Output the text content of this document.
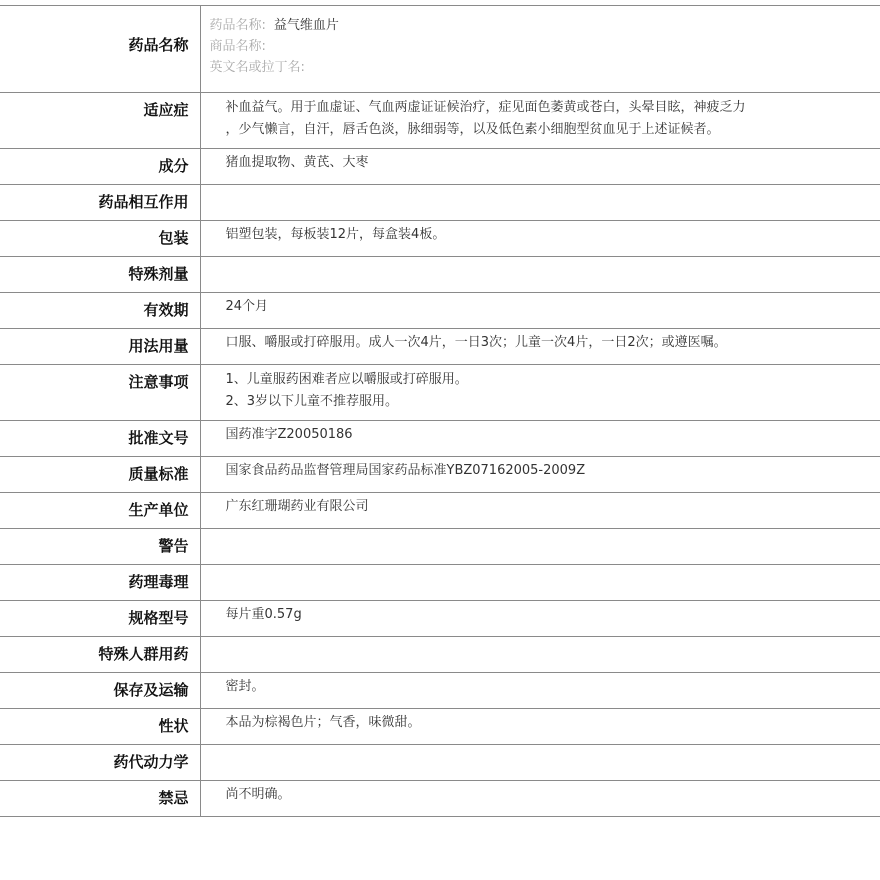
药品名称	药品名称: 益气维血片
商品名称:
英文名或拉丁名:

适应症	补血益气。用于血虚证、气血两虚证证候治疗，症见面色萎黄或苍白，头晕目眩，神疲乏力
，少气懒言，自汗，唇舌色淡，脉细弱等，以及低色素小细胞型贫血见于上述证候者。

成分	猪血提取物、黄芪、大枣

药品相互作用	
包装	铝塑包装，每板装12片，每盒装4板。

特殊剂量	
有效期	24个月

用法用量	口服、嚼服或打碎服用。成人一次4片，一日3次；儿童一次4片，一日2次；或遵医嘱。

注意事项	1、儿童服药困难者应以嚼服或打碎服用。
2、3岁以下儿童不推荐服用。

批准文号	国药准字Z20050186

质量标准	国家食品药品监督管理局国家药品标准YBZ07162005-2009Z

生产单位	广东红珊瑚药业有限公司

警告	
药理毒理	
规格型号	每片重0.57g

特殊人群用药	
保存及运输	密封。

性状	本品为棕褐色片；气香，味微甜。

药代动力学	
禁忌	尚不明确。
